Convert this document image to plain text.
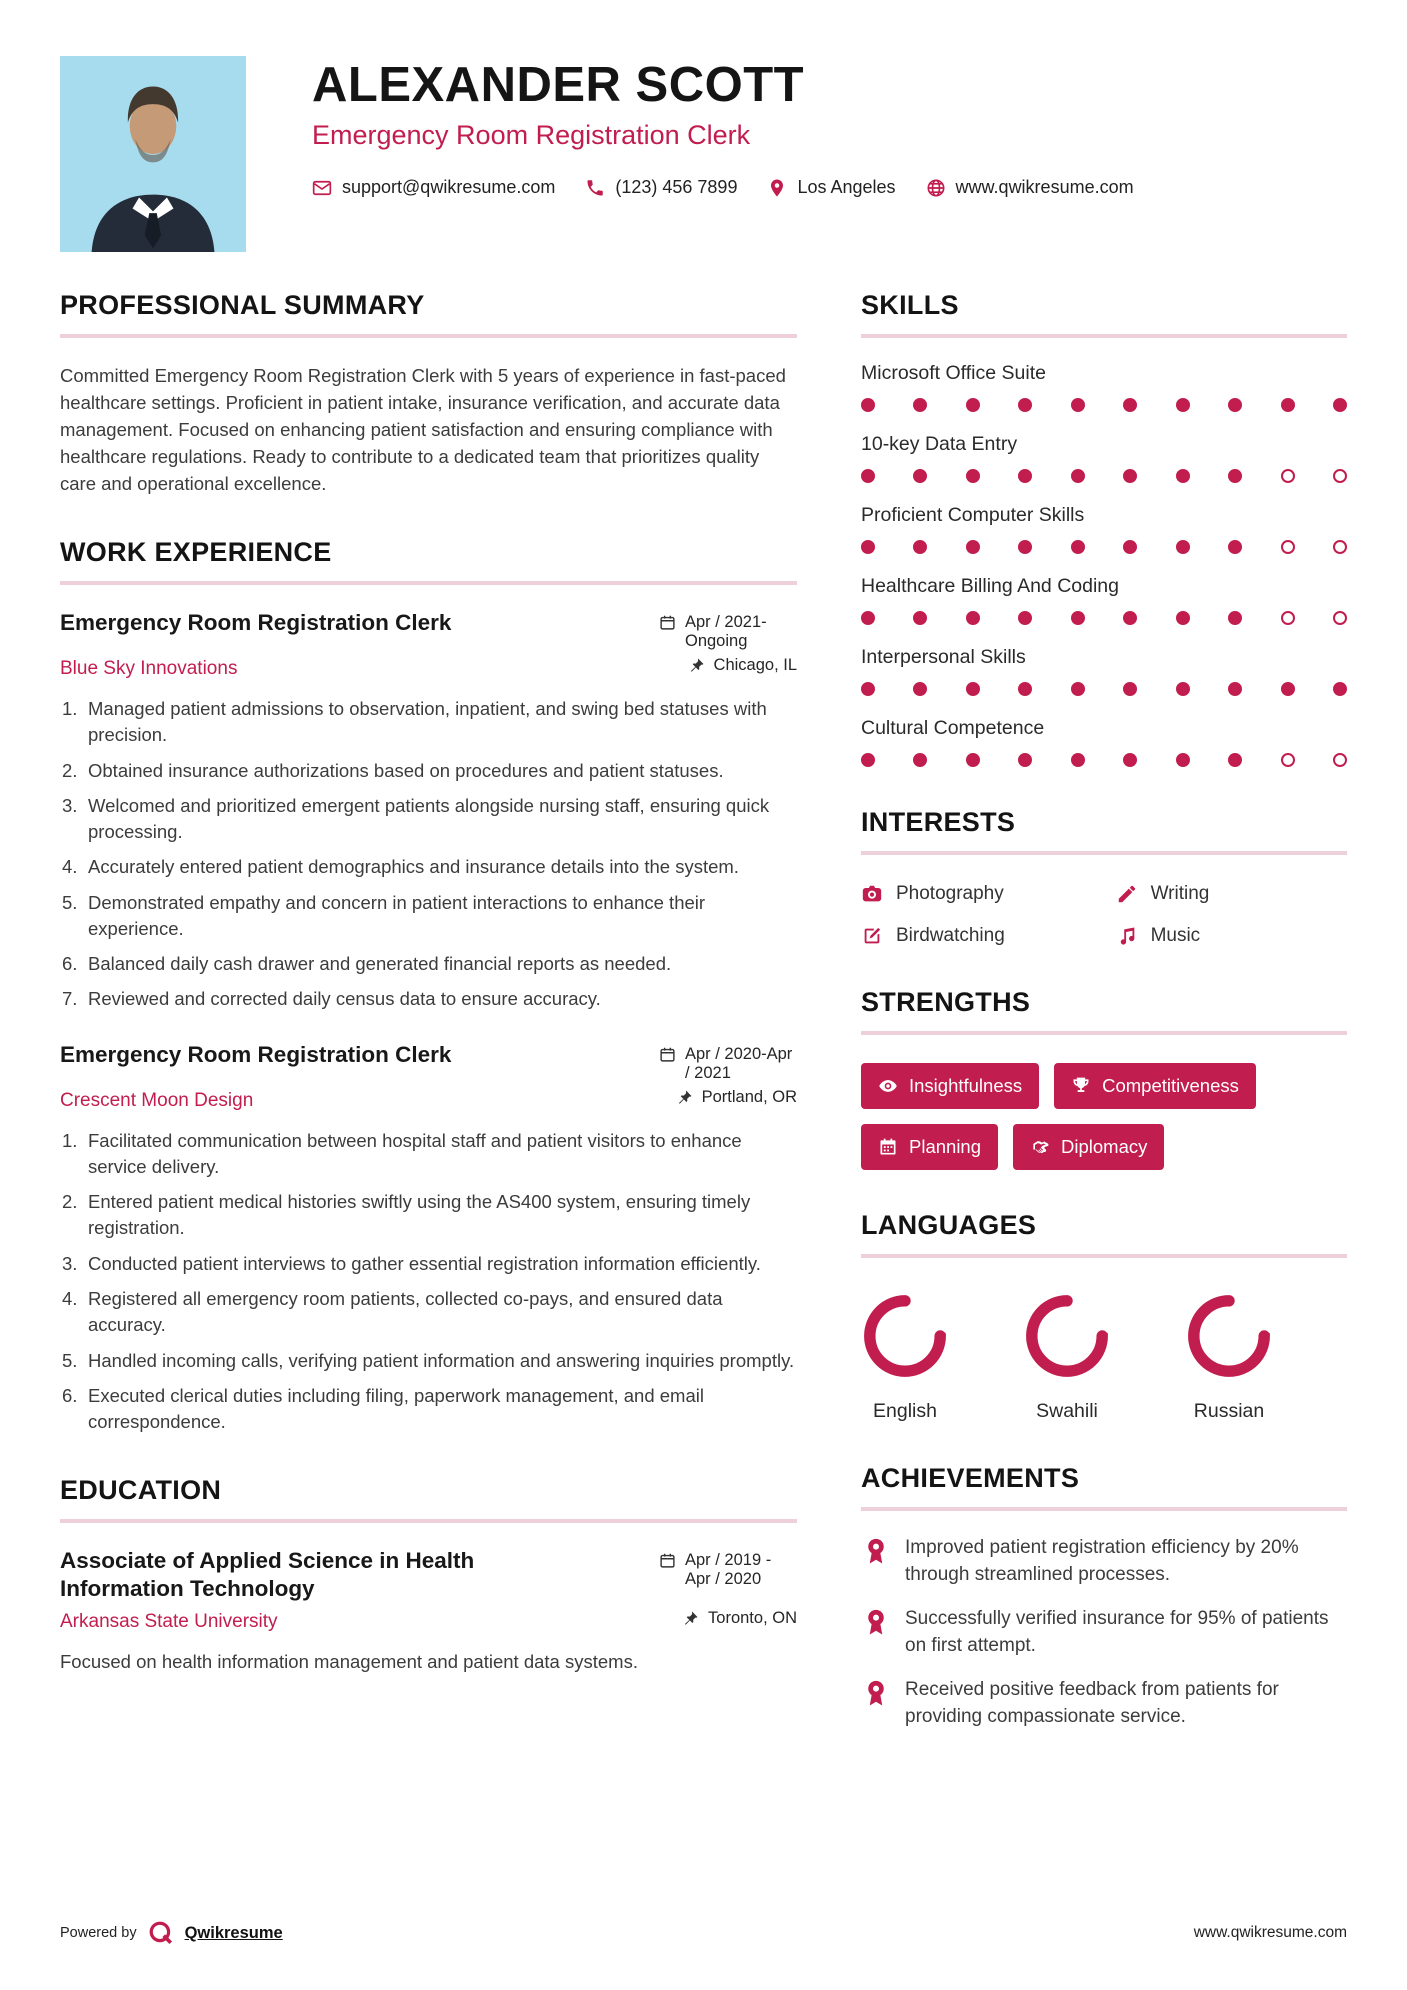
ALEXANDER SCOTT
Emergency Room Registration Clerk
support@qwikresume.com	(123) 456 7899	Los Angeles	www.qwikresume.com
PROFESSIONAL SUMMARY

Committed Emergency Room Registration Clerk with 5 years of experience in fast-paced healthcare settings. Proficient in patient intake, insurance verification, and accurate data management. Focused on enhancing patient satisfaction and ensuring compliance with healthcare regulations. Ready to contribute to a dedicated team that prioritizes quality care and operational excellence.

WORK EXPERIENCE
Emergency Room Registration Clerk	Apr / 2021-Ongoing
Blue Sky Innovations	Chicago, IL
Managed patient admissions to observation, inpatient, and swing bed statuses with precision.
Obtained insurance authorizations based on procedures and patient statuses.
Welcomed and prioritized emergent patients alongside nursing staff, ensuring quick processing.
Accurately entered patient demographics and insurance details into the system.
Demonstrated empathy and concern in patient interactions to enhance their experience.
Balanced daily cash drawer and generated financial reports as needed.
Reviewed and corrected daily census data to ensure accuracy.
Emergency Room Registration Clerk	Apr / 2020-Apr / 2021
Crescent Moon Design	Portland, OR
Facilitated communication between hospital staff and patient visitors to enhance service delivery.
Entered patient medical histories swiftly using the AS400 system, ensuring timely registration.
Conducted patient interviews to gather essential registration information efficiently.
Registered all emergency room patients, collected co-pays, and ensured data accuracy.
Handled incoming calls, verifying patient information and answering inquiries promptly.
Executed clerical duties including filing, paperwork management, and email correspondence.
EDUCATION
Associate of Applied Science in Health Information Technology
Apr / 2019 - Apr / 2020
Arkansas State University	Toronto, ON

Focused on health information management and patient data systems.

SKILLS
Microsoft Office Suite
10-key Data Entry
Proficient Computer Skills
Healthcare Billing And Coding
Interpersonal Skills
Cultural Competence
INTERESTS
Photography	Writing
Birdwatching	Music
STRENGTHS
Insightfulness	Competitiveness
Planning	Diplomacy
LANGUAGES
English	Swahili	Russian
ACHIEVEMENTS

Improved patient registration efficiency by 20% through streamlined processes.

Successfully verified insurance for 95% of patients on first attempt.

Received positive feedback from patients for providing compassionate service.

Powered by	Qwikresume	www.qwikresume.com
